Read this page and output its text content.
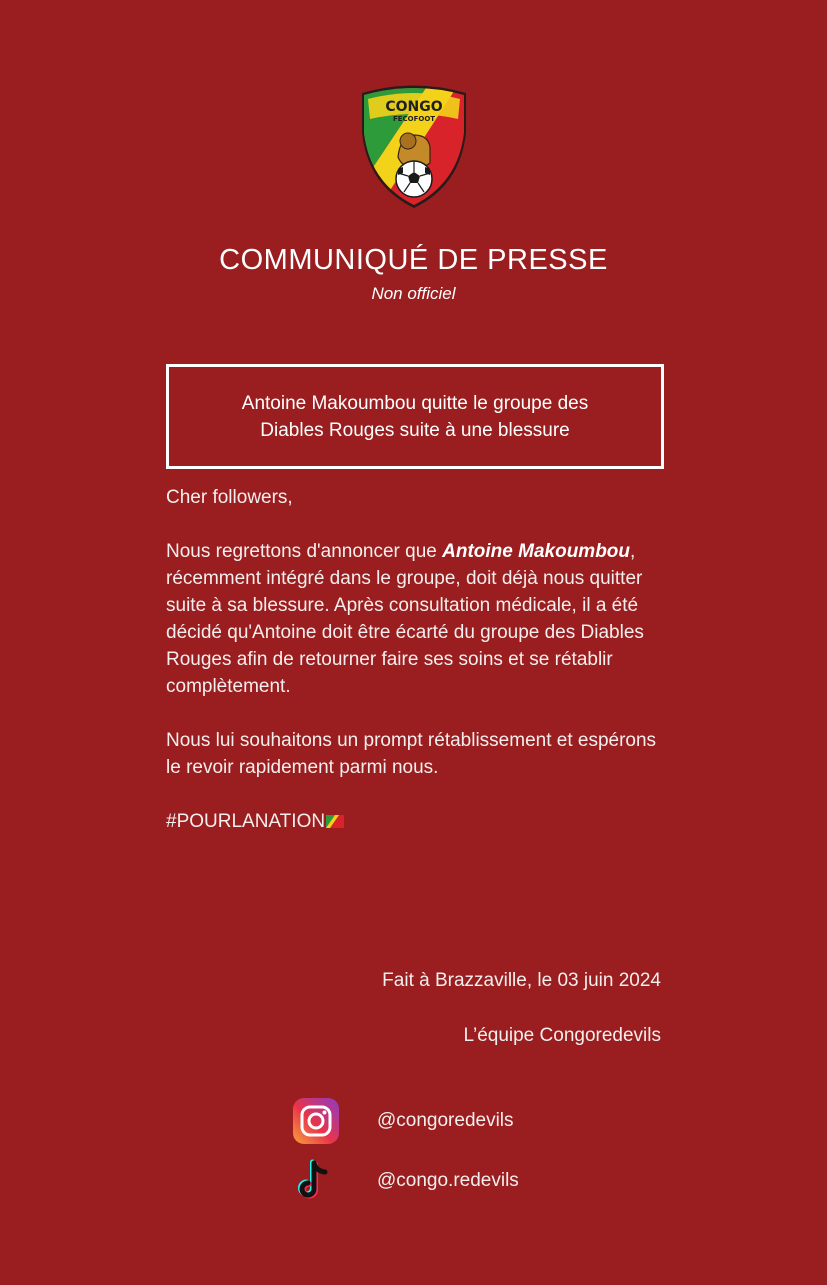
CONGO
FECOFOOT
COMMUNIQUÉ DE PRESSE
Non officiel
Antoine Makoumbou quitte le groupe des
Diables Rouges suite à une blessure

Cher followers,

Nous regrettons d'annoncer que Antoine Makoumbou, récemment intégré dans le groupe, doit déjà nous quitter suite à sa blessure. Après consultation médicale, il a été décidé qu'Antoine doit être écarté du groupe des Diables Rouges afin de retourner faire ses soins et se rétablir complètement.

Nous lui souhaitons un prompt rétablissement et espérons le revoir rapidement parmi nous.

#POURLANATION

Fait à Brazzaville, le 03 juin 2024
L’équipe Congoredevils
@congoredevils
@congo.redevils
